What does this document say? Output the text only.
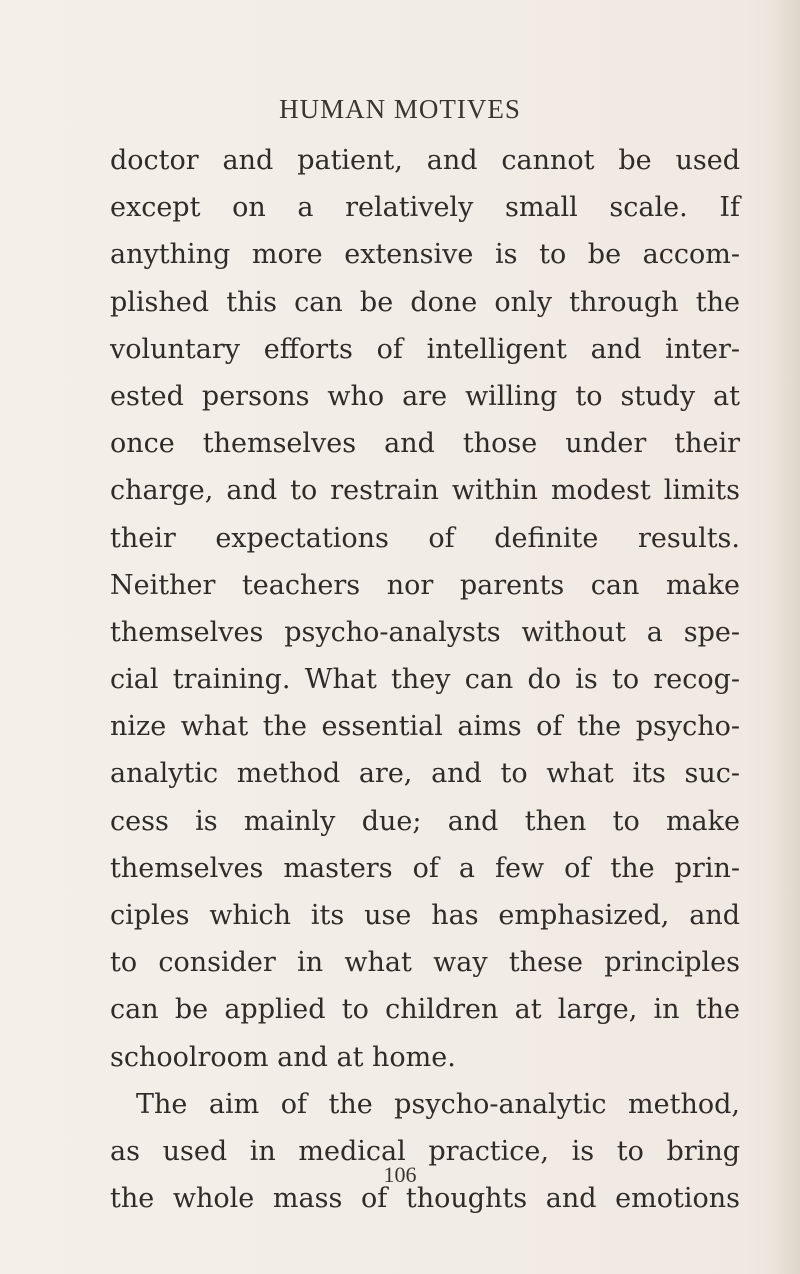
HUMAN MOTIVES
doctor and patient, and cannot be used
except on a relatively small scale. If
anything more extensive is to be accom-
plished this can be done only through the
voluntary efforts of intelligent and inter-
ested persons who are willing to study at
once themselves and those under their
charge, and to restrain within modest limits
their expectations of definite results.
Neither teachers nor parents can make
themselves psycho-analysts without a spe-
cial training. What they can do is to recog-
nize what the essential aims of the psycho-
analytic method are, and to what its suc-
cess is mainly due; and then to make
themselves masters of a few of the prin-
ciples which its use has emphasized, and
to consider in what way these principles
can be applied to children at large, in the
schoolroom and at home.
The aim of the psycho-analytic method,
as used in medical practice, is to bring
the whole mass of thoughts and emotions
106
